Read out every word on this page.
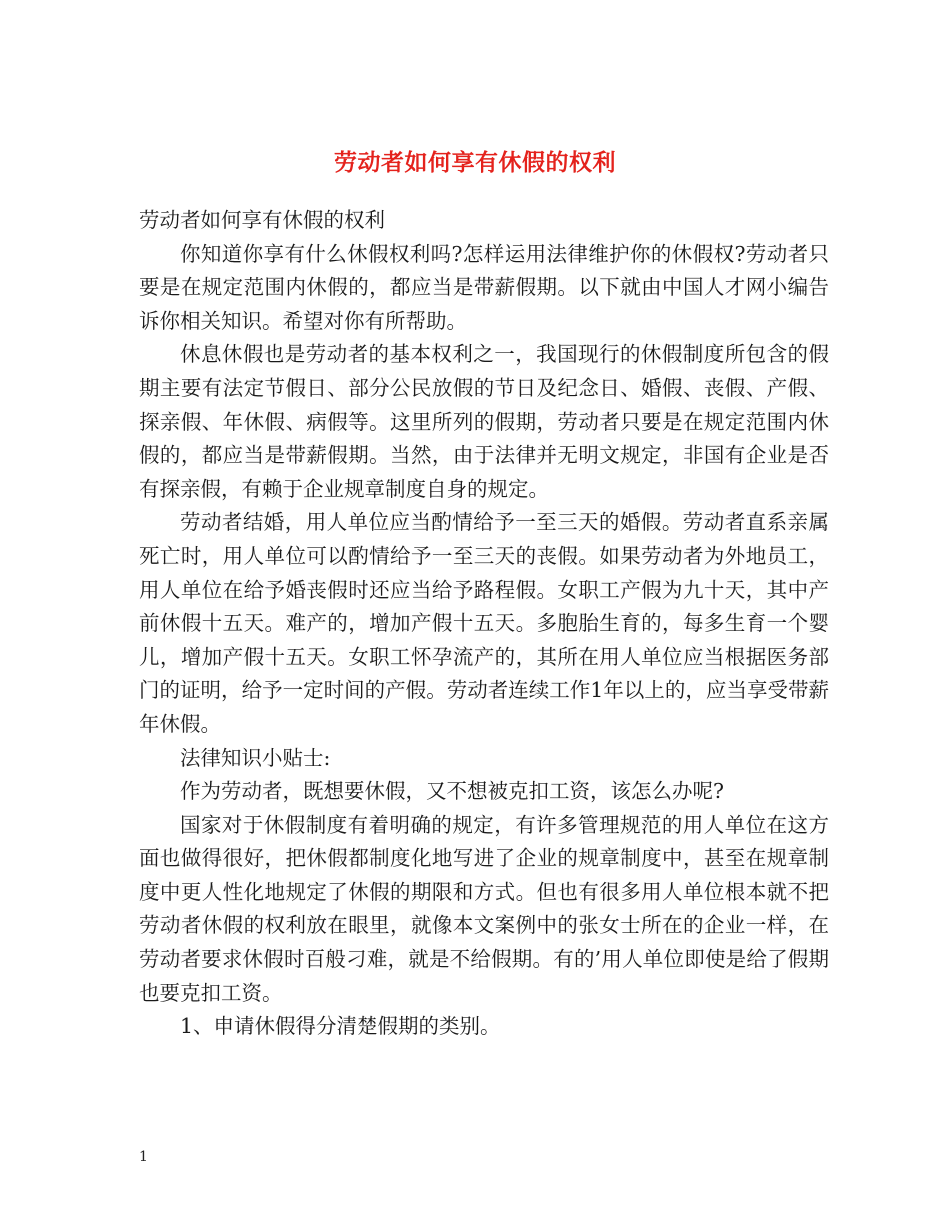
劳动者如何享有休假的权利

劳动者如何享有休假的权利

你知道你享有什么休假权利吗?怎样运用法律维护你的休假权?劳动者只要是在规定范围内休假的，都应当是带薪假期。以下就由中国人才网小编告诉你相关知识。希望对你有所帮助。

休息休假也是劳动者的基本权利之一，我国现行的休假制度所包含的假期主要有法定节假日、部分公民放假的节日及纪念日、婚假、丧假、产假、探亲假、年休假、病假等。这里所列的假期，劳动者只要是在规定范围内休假的，都应当是带薪假期。当然，由于法律并无明文规定，非国有企业是否有探亲假，有赖于企业规章制度自身的规定。

劳动者结婚，用人单位应当酌情给予一至三天的婚假。劳动者直系亲属死亡时，用人单位可以酌情给予一至三天的丧假。如果劳动者为外地员工，用人单位在给予婚丧假时还应当给予路程假。女职工产假为九十天，其中产前休假十五天。难产的，增加产假十五天。多胞胎生育的，每多生育一个婴儿，增加产假十五天。女职工怀孕流产的，其所在用人单位应当根据医务部门的证明，给予一定时间的产假。劳动者连续工作1年以上的，应当享受带薪年休假。

法律知识小贴士:

作为劳动者，既想要休假，又不想被克扣工资，该怎么办呢?

国家对于休假制度有着明确的规定，有许多管理规范的用人单位在这方面也做得很好，把休假都制度化地写进了企业的规章制度中，甚至在规章制度中更人性化地规定了休假的期限和方式。但也有很多用人单位根本就不把劳动者休假的权利放在眼里，就像本文案例中的张女士所在的企业一样，在劳动者要求休假时百般刁难，就是不给假期。有的’用人单位即使是给了假期也要克扣工资。

1、申请休假得分清楚假期的类别。

1
